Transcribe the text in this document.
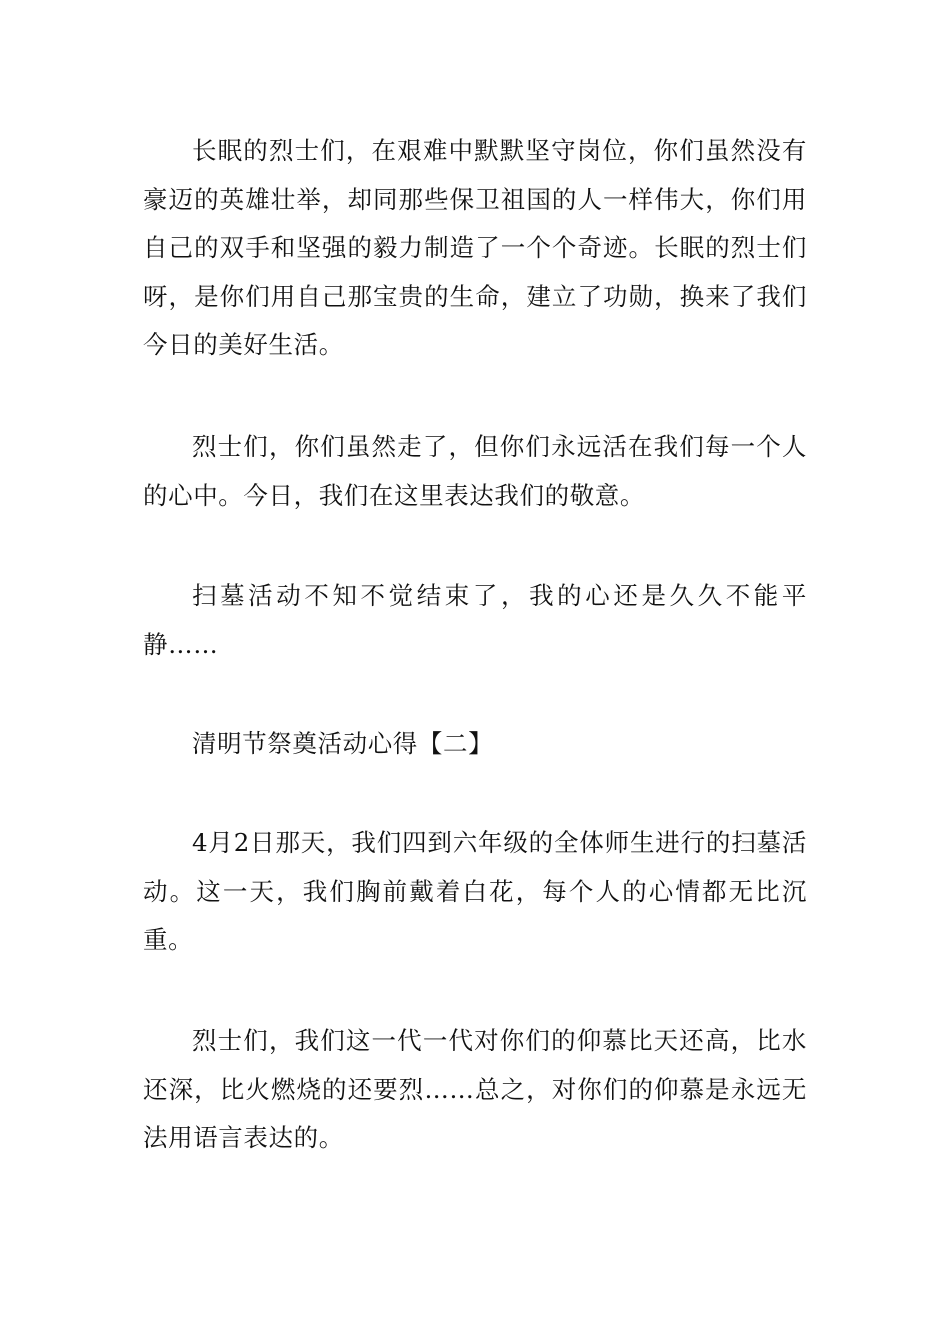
长眠的烈士们，在艰难中默默坚守岗位，你们虽然没有豪迈的英雄壮举，却同那些保卫祖国的人一样伟大，你们用自己的双手和坚强的毅力制造了一个个奇迹。长眠的烈士们呀，是你们用自己那宝贵的生命，建立了功勋，换来了我们今日的美好生活。

烈士们，你们虽然走了，但你们永远活在我们每一个人的心中。今日，我们在这里表达我们的敬意。

扫墓活动不知不觉结束了，我的心还是久久不能平静……

清明节祭奠活动心得【二】

4月2日那天，我们四到六年级的全体师生进行的扫墓活动。这一天，我们胸前戴着白花，每个人的心情都无比沉重。

烈士们，我们这一代一代对你们的仰慕比天还高，比水还深，比火燃烧的还要烈……总之，对你们的仰慕是永远无法用语言表达的。
